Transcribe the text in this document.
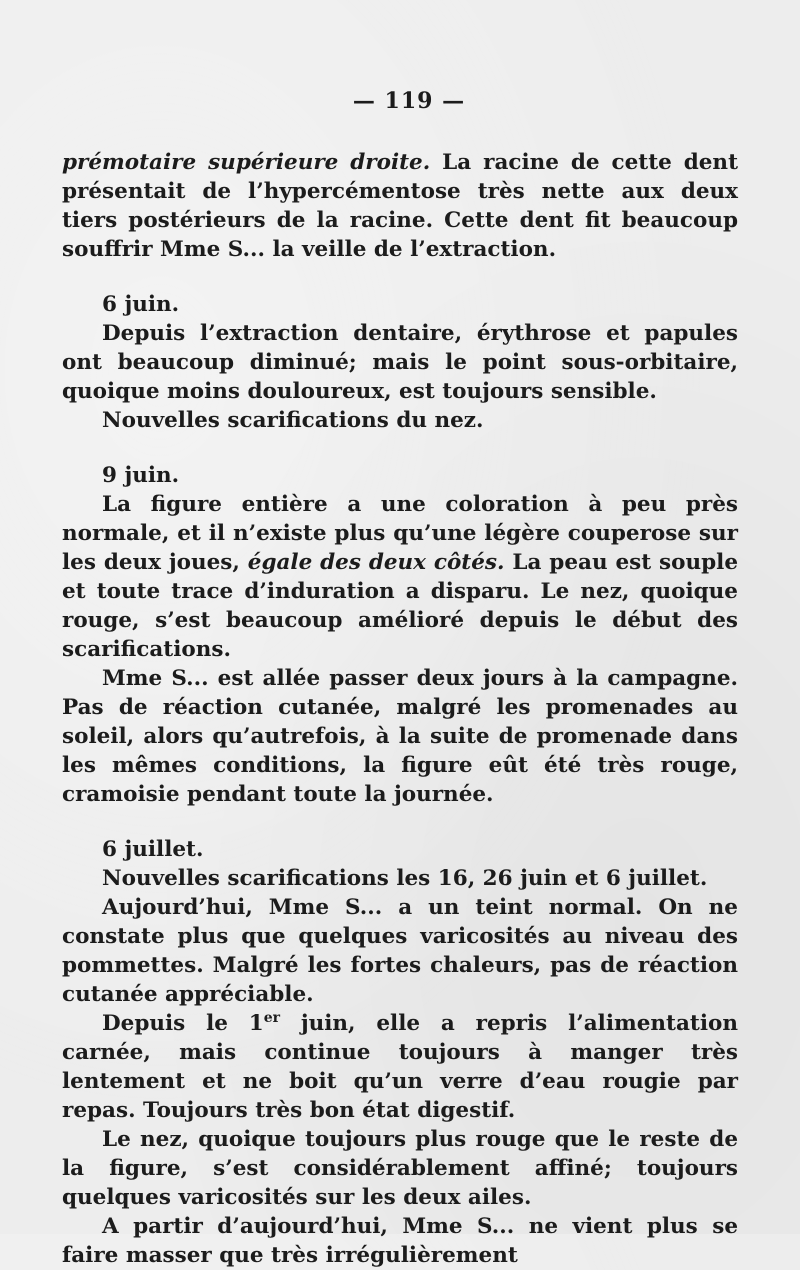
— 119 —

prémotaire supérieure droite. La racine de cette dent présentait de l’hypercémentose très nette aux deux tiers postérieurs de la racine. Cette dent fit beaucoup souffrir Mme S... la veille de l’extraction.

6 juin.

Depuis l’extraction dentaire, érythrose et papules ont beaucoup diminué; mais le point sous-orbitaire, quoique moins douloureux, est toujours sensible.

Nouvelles scarifications du nez.

9 juin.

La figure entière a une coloration à peu près normale, et il n’existe plus qu’une légère couperose sur les deux joues, égale des deux côtés. La peau est souple et toute trace d’induration a disparu. Le nez, quoique rouge, s’est beaucoup amélioré depuis le début des scarifications.

Mme S... est allée passer deux jours à la campagne. Pas de réaction cutanée, malgré les promenades au soleil, alors qu’autrefois, à la suite de promenade dans les mêmes conditions, la figure eût été très rouge, cramoisie pendant toute la journée.

6 juillet.

Nouvelles scarifications les 16, 26 juin et 6 juillet.

Aujourd’hui, Mme S... a un teint normal. On ne constate plus que quelques varicosités au niveau des pommettes. Malgré les fortes chaleurs, pas de réaction cutanée appréciable.

Depuis le 1er juin, elle a repris l’alimentation carnée, mais continue toujours à manger très lentement et ne boit qu’un verre d’eau rougie par repas. Toujours très bon état digestif.

Le nez, quoique toujours plus rouge que le reste de la figure, s’est considérablement affiné; toujours quelques varicosités sur les deux ailes.

A partir d’aujourd’hui, Mme S... ne vient plus se faire masser que très irrégulièrement
